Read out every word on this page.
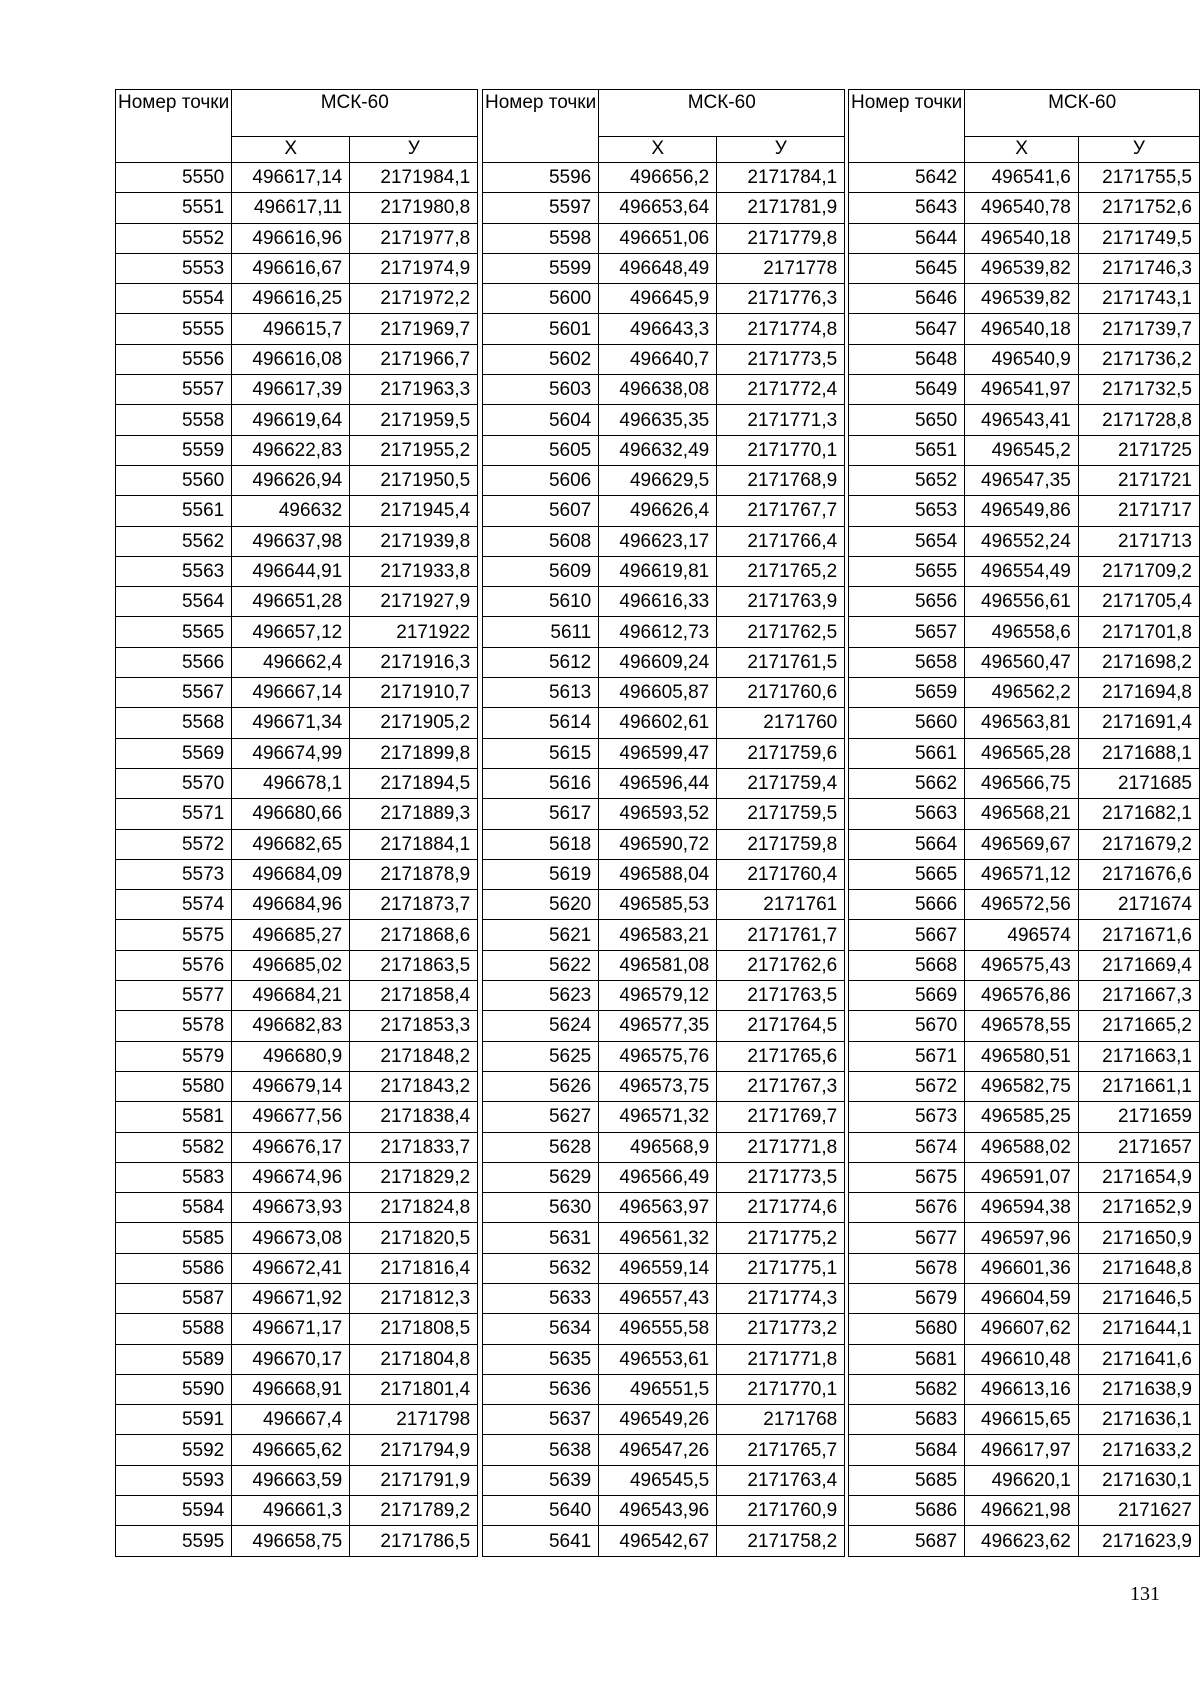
Номер точки	МСК-60	
	Х	У
5550	496617,14	2171984,1
5551	496617,11	2171980,8
5552	496616,96	2171977,8
5553	496616,67	2171974,9
5554	496616,25	2171972,2
5555	496615,7	2171969,7
5556	496616,08	2171966,7
5557	496617,39	2171963,3
5558	496619,64	2171959,5
5559	496622,83	2171955,2
5560	496626,94	2171950,5
5561	496632	2171945,4
5562	496637,98	2171939,8
5563	496644,91	2171933,8
5564	496651,28	2171927,9
5565	496657,12	2171922
5566	496662,4	2171916,3
5567	496667,14	2171910,7
5568	496671,34	2171905,2
5569	496674,99	2171899,8
5570	496678,1	2171894,5
5571	496680,66	2171889,3
5572	496682,65	2171884,1
5573	496684,09	2171878,9
5574	496684,96	2171873,7
5575	496685,27	2171868,6
5576	496685,02	2171863,5
5577	496684,21	2171858,4
5578	496682,83	2171853,3
5579	496680,9	2171848,2
5580	496679,14	2171843,2
5581	496677,56	2171838,4
5582	496676,17	2171833,7
5583	496674,96	2171829,2
5584	496673,93	2171824,8
5585	496673,08	2171820,5
5586	496672,41	2171816,4
5587	496671,92	2171812,3
5588	496671,17	2171808,5
5589	496670,17	2171804,8
5590	496668,91	2171801,4
5591	496667,4	2171798
5592	496665,62	2171794,9
5593	496663,59	2171791,9
5594	496661,3	2171789,2
5595	496658,75	2171786,5
Номер точки	МСК-60	
	Х	У
5596	496656,2	2171784,1
5597	496653,64	2171781,9
5598	496651,06	2171779,8
5599	496648,49	2171778
5600	496645,9	2171776,3
5601	496643,3	2171774,8
5602	496640,7	2171773,5
5603	496638,08	2171772,4
5604	496635,35	2171771,3
5605	496632,49	2171770,1
5606	496629,5	2171768,9
5607	496626,4	2171767,7
5608	496623,17	2171766,4
5609	496619,81	2171765,2
5610	496616,33	2171763,9
5611	496612,73	2171762,5
5612	496609,24	2171761,5
5613	496605,87	2171760,6
5614	496602,61	2171760
5615	496599,47	2171759,6
5616	496596,44	2171759,4
5617	496593,52	2171759,5
5618	496590,72	2171759,8
5619	496588,04	2171760,4
5620	496585,53	2171761
5621	496583,21	2171761,7
5622	496581,08	2171762,6
5623	496579,12	2171763,5
5624	496577,35	2171764,5
5625	496575,76	2171765,6
5626	496573,75	2171767,3
5627	496571,32	2171769,7
5628	496568,9	2171771,8
5629	496566,49	2171773,5
5630	496563,97	2171774,6
5631	496561,32	2171775,2
5632	496559,14	2171775,1
5633	496557,43	2171774,3
5634	496555,58	2171773,2
5635	496553,61	2171771,8
5636	496551,5	2171770,1
5637	496549,26	2171768
5638	496547,26	2171765,7
5639	496545,5	2171763,4
5640	496543,96	2171760,9
5641	496542,67	2171758,2
Номер точки	МСК-60	
	Х	У
5642	496541,6	2171755,5
5643	496540,78	2171752,6
5644	496540,18	2171749,5
5645	496539,82	2171746,3
5646	496539,82	2171743,1
5647	496540,18	2171739,7
5648	496540,9	2171736,2
5649	496541,97	2171732,5
5650	496543,41	2171728,8
5651	496545,2	2171725
5652	496547,35	2171721
5653	496549,86	2171717
5654	496552,24	2171713
5655	496554,49	2171709,2
5656	496556,61	2171705,4
5657	496558,6	2171701,8
5658	496560,47	2171698,2
5659	496562,2	2171694,8
5660	496563,81	2171691,4
5661	496565,28	2171688,1
5662	496566,75	2171685
5663	496568,21	2171682,1
5664	496569,67	2171679,2
5665	496571,12	2171676,6
5666	496572,56	2171674
5667	496574	2171671,6
5668	496575,43	2171669,4
5669	496576,86	2171667,3
5670	496578,55	2171665,2
5671	496580,51	2171663,1
5672	496582,75	2171661,1
5673	496585,25	2171659
5674	496588,02	2171657
5675	496591,07	2171654,9
5676	496594,38	2171652,9
5677	496597,96	2171650,9
5678	496601,36	2171648,8
5679	496604,59	2171646,5
5680	496607,62	2171644,1
5681	496610,48	2171641,6
5682	496613,16	2171638,9
5683	496615,65	2171636,1
5684	496617,97	2171633,2
5685	496620,1	2171630,1
5686	496621,98	2171627
5687	496623,62	2171623,9
131
